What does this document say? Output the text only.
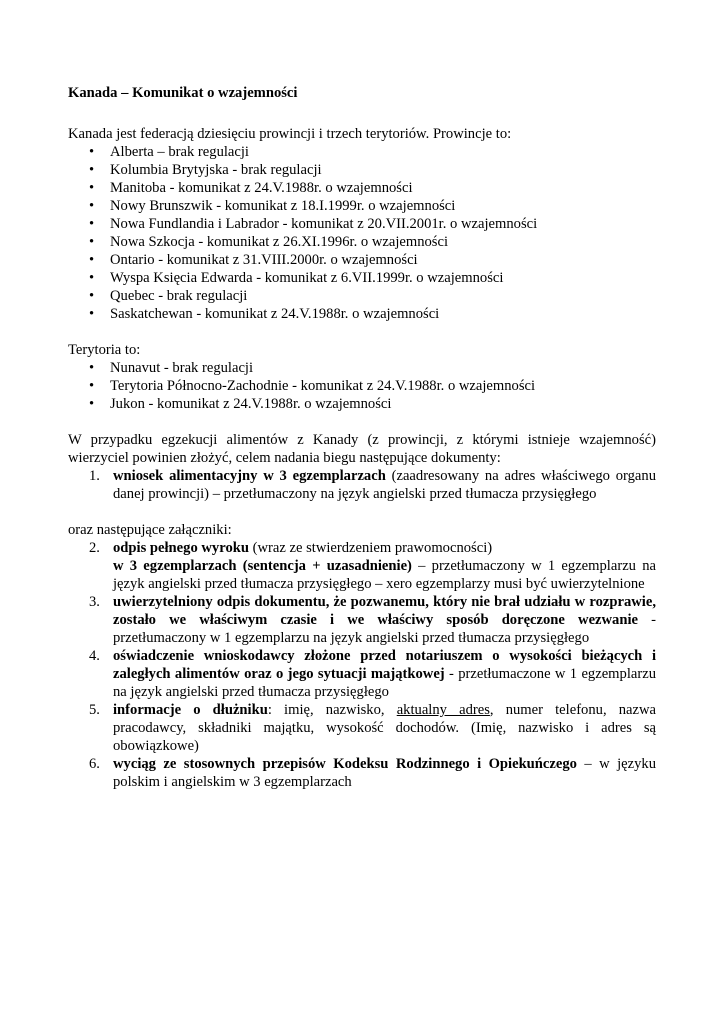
Kanada – Komunikat o wzajemności

Kanada jest federacją dziesięciu prowincji i trzech terytoriów. Prowincje to:

• Alberta – brak regulacji
• Kolumbia Brytyjska - brak regulacji
• Manitoba - komunikat z 24.V.1988r. o wzajemności
• Nowy Brunszwik - komunikat z 18.I.1999r. o wzajemności
• Nowa Fundlandia i Labrador - komunikat z 20.VII.2001r. o wzajemności
• Nowa Szkocja - komunikat z 26.XI.1996r. o wzajemności
• Ontario - komunikat z 31.VIII.2000r. o wzajemności
• Wyspa Księcia Edwarda - komunikat z 6.VII.1999r. o wzajemności
• Quebec - brak regulacji
• Saskatchewan - komunikat z 24.V.1988r. o wzajemności

Terytoria to:

• Nunavut - brak regulacji
• Terytoria Północno-Zachodnie - komunikat z 24.V.1988r. o wzajemności
• Jukon - komunikat z 24.V.1988r. o wzajemności

W przypadku egzekucji alimentów z Kanady (z prowincji, z którymi istnieje wzajemność) wierzyciel powinien złożyć, celem nadania biegu następujące dokumenty:

1. wniosek alimentacyjny w 3 egzemplarzach (zaadresowany na adres właściwego organu danej prowincji) – przetłumaczony na język angielski przed tłumacza przysięgłego

oraz następujące załączniki:

2. odpis pełnego wyroku (wraz ze stwierdzeniem prawomocności)
w 3 egzemplarzach (sentencja + uzasadnienie) – przetłumaczony w 1 egzemplarzu na język angielski przed tłumacza przysięgłego – xero egzemplarzy musi być uwierzytelnione
3. uwierzytelniony odpis dokumentu, że pozwanemu, który nie brał udziału w rozprawie, zostało we właściwym czasie i we właściwy sposób doręczone wezwanie - przetłumaczony w 1 egzemplarzu na język angielski przed tłumacza przysięgłego
4. oświadczenie wnioskodawcy złożone przed notariuszem o wysokości bieżących i zaległych alimentów oraz o jego sytuacji majątkowej - przetłumaczone w 1 egzemplarzu na język angielski przed tłumacza przysięgłego
5. informacje o dłużniku: imię, nazwisko, aktualny adres, numer telefonu, nazwa pracodawcy, składniki majątku, wysokość dochodów. (Imię, nazwisko i adres są obowiązkowe)
6. wyciąg ze stosownych przepisów Kodeksu Rodzinnego i Opiekuńczego – w języku polskim i angielskim w 3 egzemplarzach
